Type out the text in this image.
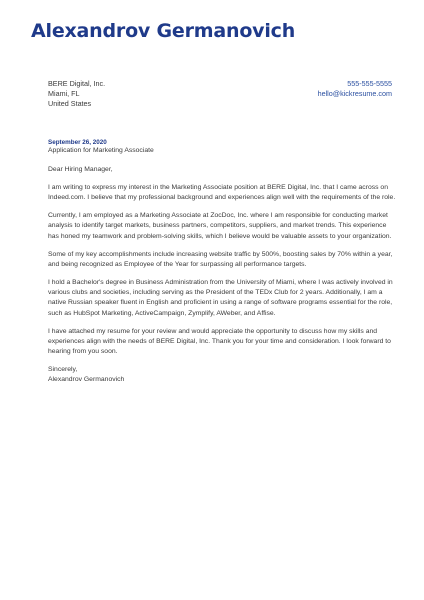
Alexandrov Germanovich
BERE Digital, Inc.
Miami, FL
United States
555-555-5555
hello@kickresume.com
September 26, 2020
Application for Marketing Associate

Dear Hiring Manager,

I am writing to express my interest in the Marketing Associate position at BERE Digital, Inc. that I came across on Indeed.com. I believe that my professional background and experiences align well with the requirements of the role.

Currently, I am employed as a Marketing Associate at ZocDoc, Inc. where I am responsible for conducting market analysis to identify target markets, business partners, competitors, suppliers, and market trends. This experience has honed my teamwork and problem-solving skills, which I believe would be valuable assets to your organization.

Some of my key accomplishments include increasing website traffic by 500%, boosting sales by 70% within a year, and being recognized as Employee of the Year for surpassing all performance targets.

I hold a Bachelor's degree in Business Administration from the University of Miami, where I was actively involved in various clubs and societies, including serving as the President of the TEDx Club for 2 years. Additionally, I am a native Russian speaker fluent in English and proficient in using a range of software programs essential for the role, such as HubSpot Marketing, ActiveCampaign, Zymplify, AWeber, and Affise.

I have attached my resume for your review and would appreciate the opportunity to discuss how my skills and experiences align with the needs of BERE Digital, Inc. Thank you for your time and consideration. I look forward to hearing from you soon.

Sincerely,
Alexandrov Germanovich
